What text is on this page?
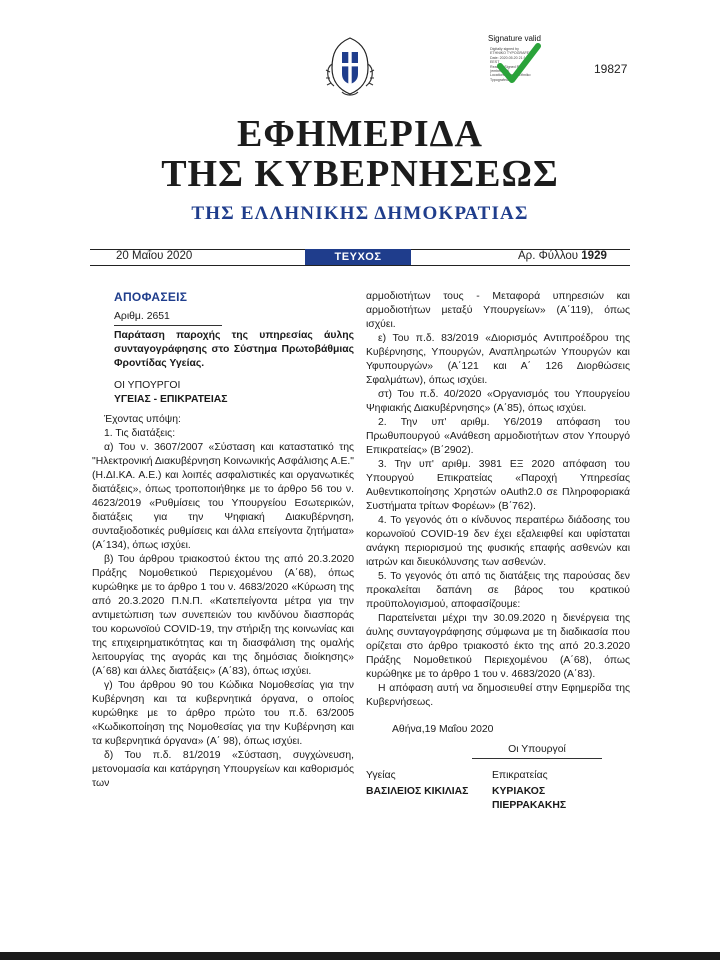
Signature valid
Digitally signed by
ETHNIKO TYPOGRAFEIO
Date: 2020.05.20 21:16
EEST
Reason: Signed PDF
(embedded)
Location: Athens, Ethniko
Typografeio
19827
ΕΦΗΜΕΡΙΔΑ
ΤΗΣ ΚΥΒΕΡΝΗΣΕΩΣ
ΤΗΣ ΕΛΛΗΝΙΚΗΣ ΔΗΜΟΚΡΑΤΙΑΣ
20 Μαΐου 2020	ΤΕΥΧΟΣ ΔΕΥΤΕΡΟ
Αρ. Φύλλου 1929
ΑΠΟΦΑΣΕΙΣ
Αριθμ. 2651
Παράταση παροχής της υπηρεσίας άυλης συνταγογράφησης στο Σύστημα Πρωτοβάθμιας Φροντίδας Υγείας.
ΟΙ ΥΠΟΥΡΓΟΙ
ΥΓΕΙΑΣ - ΕΠΙΚΡΑΤΕΙΑΣ
Έχοντας υπόψη:
1. Τις διατάξεις:
α) Του ν. 3607/2007 «Σύσταση και καταστατικό της "Ηλεκτρονική Διακυβέρνηση Κοινωνικής Ασφάλισης Α.Ε." (Η.ΔΙ.ΚΑ. Α.Ε.) και λοιπές ασφαλιστικές και οργανωτικές διατάξεις», όπως τροποποιήθηκε με το άρθρο 56 του ν. 4623/2019 «Ρυθμίσεις του Υπουργείου Εσωτερικών, διατάξεις για την Ψηφιακή Διακυβέρνηση, συνταξιοδοτικές ρυθμίσεις και άλλα επείγοντα ζητήματα» (Α΄134), όπως ισχύει.
β) Του άρθρου τριακοστού έκτου της από 20.3.2020 Πράξης Νομοθετικού Περιεχομένου (Α΄68), όπως κυρώθηκε με το άρθρο 1 του ν. 4683/2020 «Κύρωση της από 20.3.2020 Π.Ν.Π. «Κατεπείγοντα μέτρα για την αντιμετώπιση των συνεπειών του κινδύνου διασποράς του κορωνοϊού COVID-19, την στήριξη της κοινωνίας και της επιχειρηματικότητας και τη διασφάλιση της ομαλής λειτουργίας της αγοράς και της δημόσιας διοίκησης» (Α΄68) και άλλες διατάξεις» (Α΄83), όπως ισχύει.
γ) Του άρθρου 90 του Κώδικα Νομοθεσίας για την Κυβέρνηση και τα κυβερνητικά όργανα, ο οποίος κυρώθηκε με το άρθρο πρώτο του π.δ. 63/2005 «Κωδικοποίηση της Νομοθεσίας για την Κυβέρνηση και τα κυβερνητικά όργανα» (Α΄ 98), όπως ισχύει.
δ) Του π.δ. 81/2019 «Σύσταση, συγχώνευση, μετονομασία και κατάργηση Υπουργείων και καθορισμός των
αρμοδιοτήτων τους - Μεταφορά υπηρεσιών και αρμοδιοτήτων μεταξύ Υπουργείων» (Α΄119), όπως ισχύει.
ε) Του π.δ. 83/2019 «Διορισμός Αντιπροέδρου της Κυβέρνησης, Υπουργών, Αναπληρωτών Υπουργών και Υφυπουργών» (Α΄121 και Α΄ 126 Διορθώσεις Σφαλμάτων), όπως ισχύει.
στ) Του π.δ. 40/2020 «Οργανισμός του Υπουργείου Ψηφιακής Διακυβέρνησης» (Α΄85), όπως ισχύει.
2. Την υπ' αριθμ. Υ6/2019 απόφαση του Πρωθυπουργού «Ανάθεση αρμοδιοτήτων στον Υπουργό Επικρατείας» (Β΄2902).
3. Την υπ' αριθμ. 3981 ΕΞ 2020 απόφαση του Υπουργού Επικρατείας «Παροχή Υπηρεσίας Αυθεντικοποίησης Χρηστών oAuth2.0 σε Πληροφοριακά Συστήματα τρίτων Φορέων» (Β΄762).
4. Το γεγονός ότι ο κίνδυνος περαιτέρω διάδοσης του κορωνοϊού COVID-19 δεν έχει εξαλειφθεί και υφίσταται ανάγκη περιορισμού της φυσικής επαφής ασθενών και ιατρών και διευκόλυνσης των ασθενών.
5. Το γεγονός ότι από τις διατάξεις της παρούσας δεν προκαλείται δαπάνη σε βάρος του κρατικού προϋπολογισμού, αποφασίζουμε:
Παρατείνεται μέχρι την 30.09.2020 η διενέργεια της άυλης συνταγογράφησης σύμφωνα με τη διαδικασία που ορίζεται στο άρθρο τριακοστό έκτο της από 20.3.2020 Πράξης Νομοθετικού Περιεχομένου (Α΄68), όπως κυρώθηκε με το άρθρο 1 του ν. 4683/2020 (Α΄83).
Η απόφαση αυτή να δημοσιευθεί στην Εφημερίδα της Κυβερνήσεως.
Αθήνα,19 Μαΐου 2020
Οι Υπουργοί
Υγείας
ΒΑΣΙΛΕΙΟΣ ΚΙΚΙΛΙΑΣ
Επικρατείας
ΚΥΡΙΑΚΟΣ ΠΙΕΡΡΑΚΑΚΗΣ
